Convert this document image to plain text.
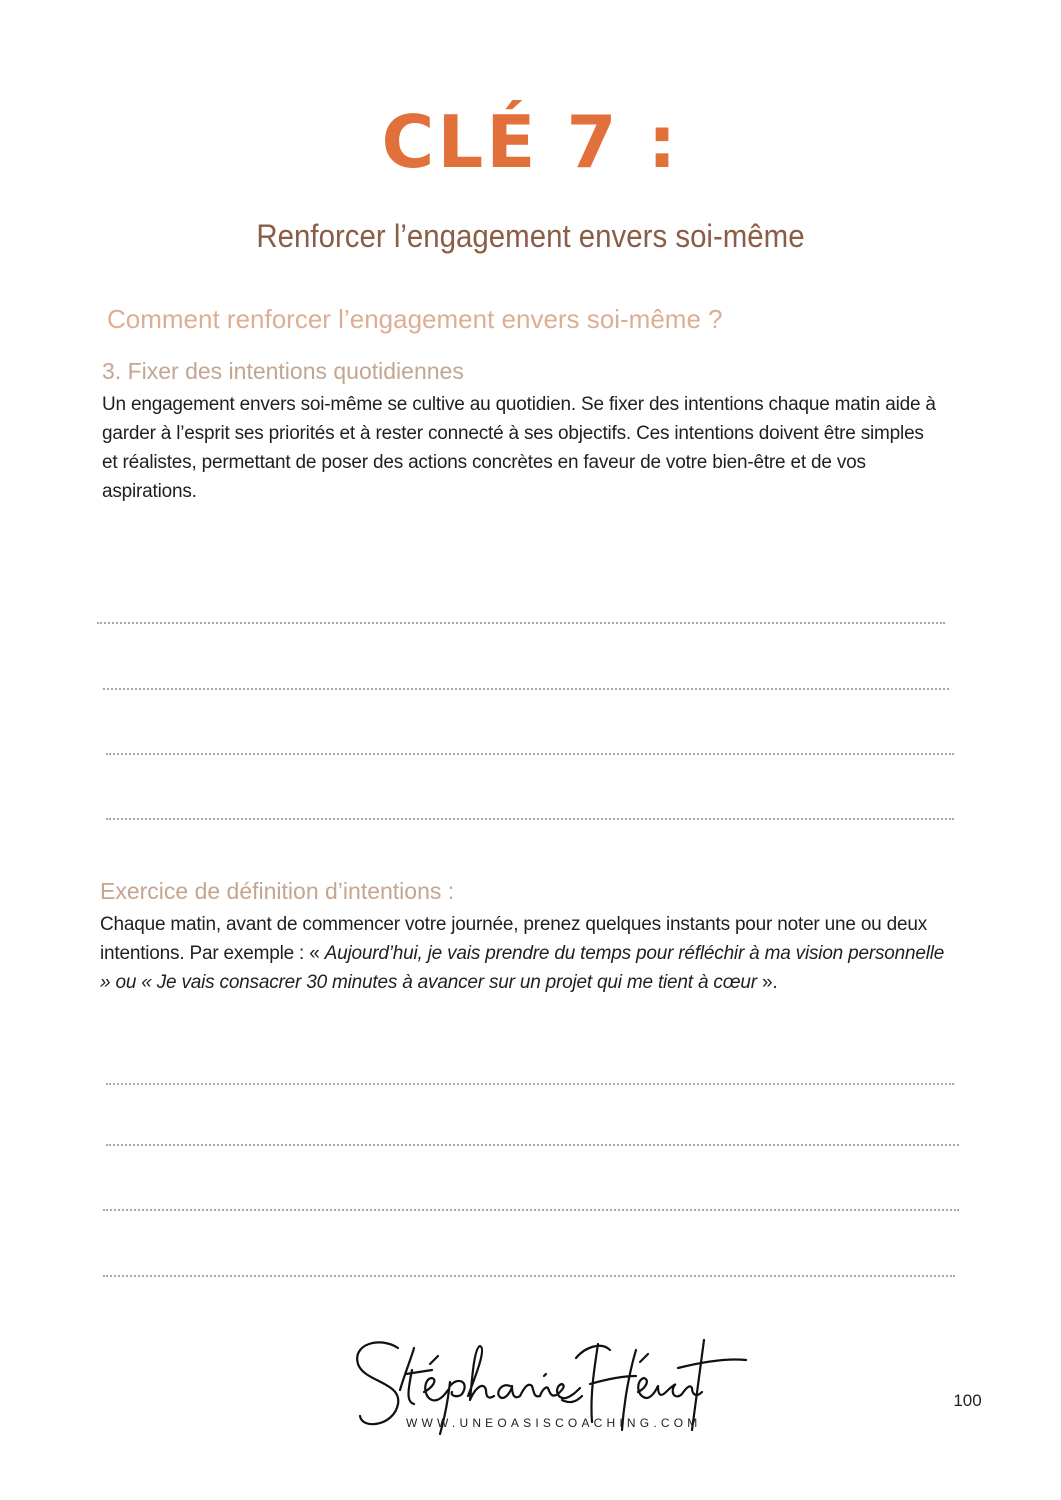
CLÉ 7 :
Renforcer l’engagement envers soi-même
Comment renforcer l’engagement envers soi-même ?
3. Fixer des intentions quotidiennes
Un engagement envers soi-même se cultive au quotidien. Se fixer des intentions chaque matin aide à
garder à l’esprit ses priorités et à rester connecté à ses objectifs. Ces intentions doivent être simples
et réalistes, permettant de poser des actions concrètes en faveur de votre bien-être et de vos
aspirations.
Exercice de définition d’intentions :
Chaque matin, avant de commencer votre journée, prenez quelques instants pour noter une ou deux
intentions. Par exemple : « Aujourd’hui, je vais prendre du temps pour réfléchir à ma vision personnelle
» ou « Je vais consacrer 30 minutes à avancer sur un projet qui me tient à cœur ».
WWW.UNEOASISCOACHING.COM
100
